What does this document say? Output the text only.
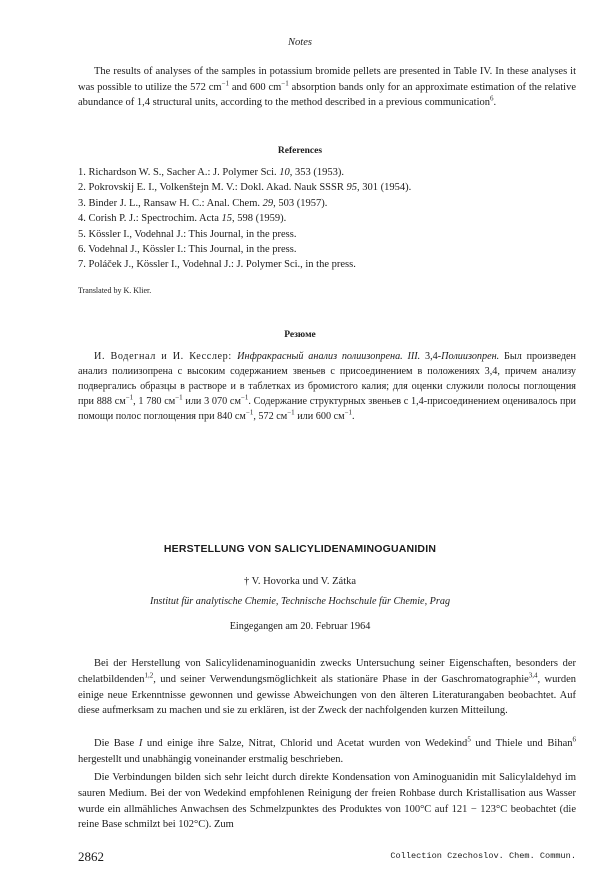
Notes

The results of analyses of the samples in potassium bromide pellets are presented in Table IV. In these analyses it was possible to utilize the 572 $cm^{-1}$ and 600 $cm^{-1}$ absorption bands only for an approximate estimation of the relative abundance of 1,4 structural units, according to the method described in a previous communication$^6$.

References
1. Richardson W. S., Sacher A.: J. Polymer Sci. 10, 353 (1953).
2. Pokrovskij E. I., Volkenštejn M. V.: Dokl. Akad. Nauk SSSR 95, 301 (1954).
3. Binder J. L., Ransaw H. C.: Anal. Chem. 29, 503 (1957).
4. Corish P. J.: Spectrochim. Acta 15, 598 (1959).
5. Kössler I., Vodehnal J.: This Journal, in the press.
6. Vodehnal J., Kössler I.: This Journal, in the press.
7. Poláček J., Kössler I., Vodehnal J.: J. Polymer Sci., in the press.
Translated by K. Klier.
Резюме

И. Водегнал и И. Кесслер: Инфракрасный анализ полиизопрена. III. 3,4-Полиизопрен. Был произведен анализ полиизопрена с высоким содержанием звеньев с присоединением в положениях 3,4, причем анализу подвергались образцы в растворе и в таблетках из бромистого калия; для оценки служили полосы поглощения при 888 $см^{-1}$, 1 780 $см^{-1}$ или 3 070 $см^{-1}$. Содержание структурных звеньев с 1,4-присоединением оценивалось при помощи полос поглощения при 840 $см^{-1}$, 572 $см^{-1}$ или 600 $см^{-1}$.

HERSTELLUNG VON SALICYLIDENAMINOGUANIDIN
† V. Hovorka und V. Zátka
Institut für analytische Chemie, Technische Hochschule für Chemie, Prag
Eingegangen am 20. Februar 1964

Bei der Herstellung von Salicylidenaminoguanidin zwecks Untersuchung seiner Eigenschaften, besonders der chelatbildenden$^{1,2}$, und seiner Verwendungsmöglichkeit als stationäre Phase in der Gaschromatographie$^{3,4}$, wurden einige neue Erkenntnisse gewonnen und gewisse Abweichungen von den älteren Literaturangaben beobachtet. Auf diese aufmerksam zu machen und sie zu erklären, ist der Zweck der nachfolgenden kurzen Mitteilung.

Die Base I und einige ihre Salze, Nitrat, Chlorid und Acetat wurden von Wedekind$^5$ und Thiele und Bihan$^6$ hergestellt und unabhängig voneinander erstmalig beschrieben.

Die Verbindungen bilden sich sehr leicht durch direkte Kondensation von Aminoguanidin mit Salicylaldehyd im sauren Medium. Bei der von Wedekind empfohlenen Reinigung der freien Rohbase durch Kristallisation aus Wasser wurde ein allmähliches Anwachsen des Schmelzpunktes des Produktes von 100°C auf 121 − 123°C beobachtet (die reine Base schmilzt bei 102°C). Zum

2862	Collection Czechoslov. Chem. Commun.
